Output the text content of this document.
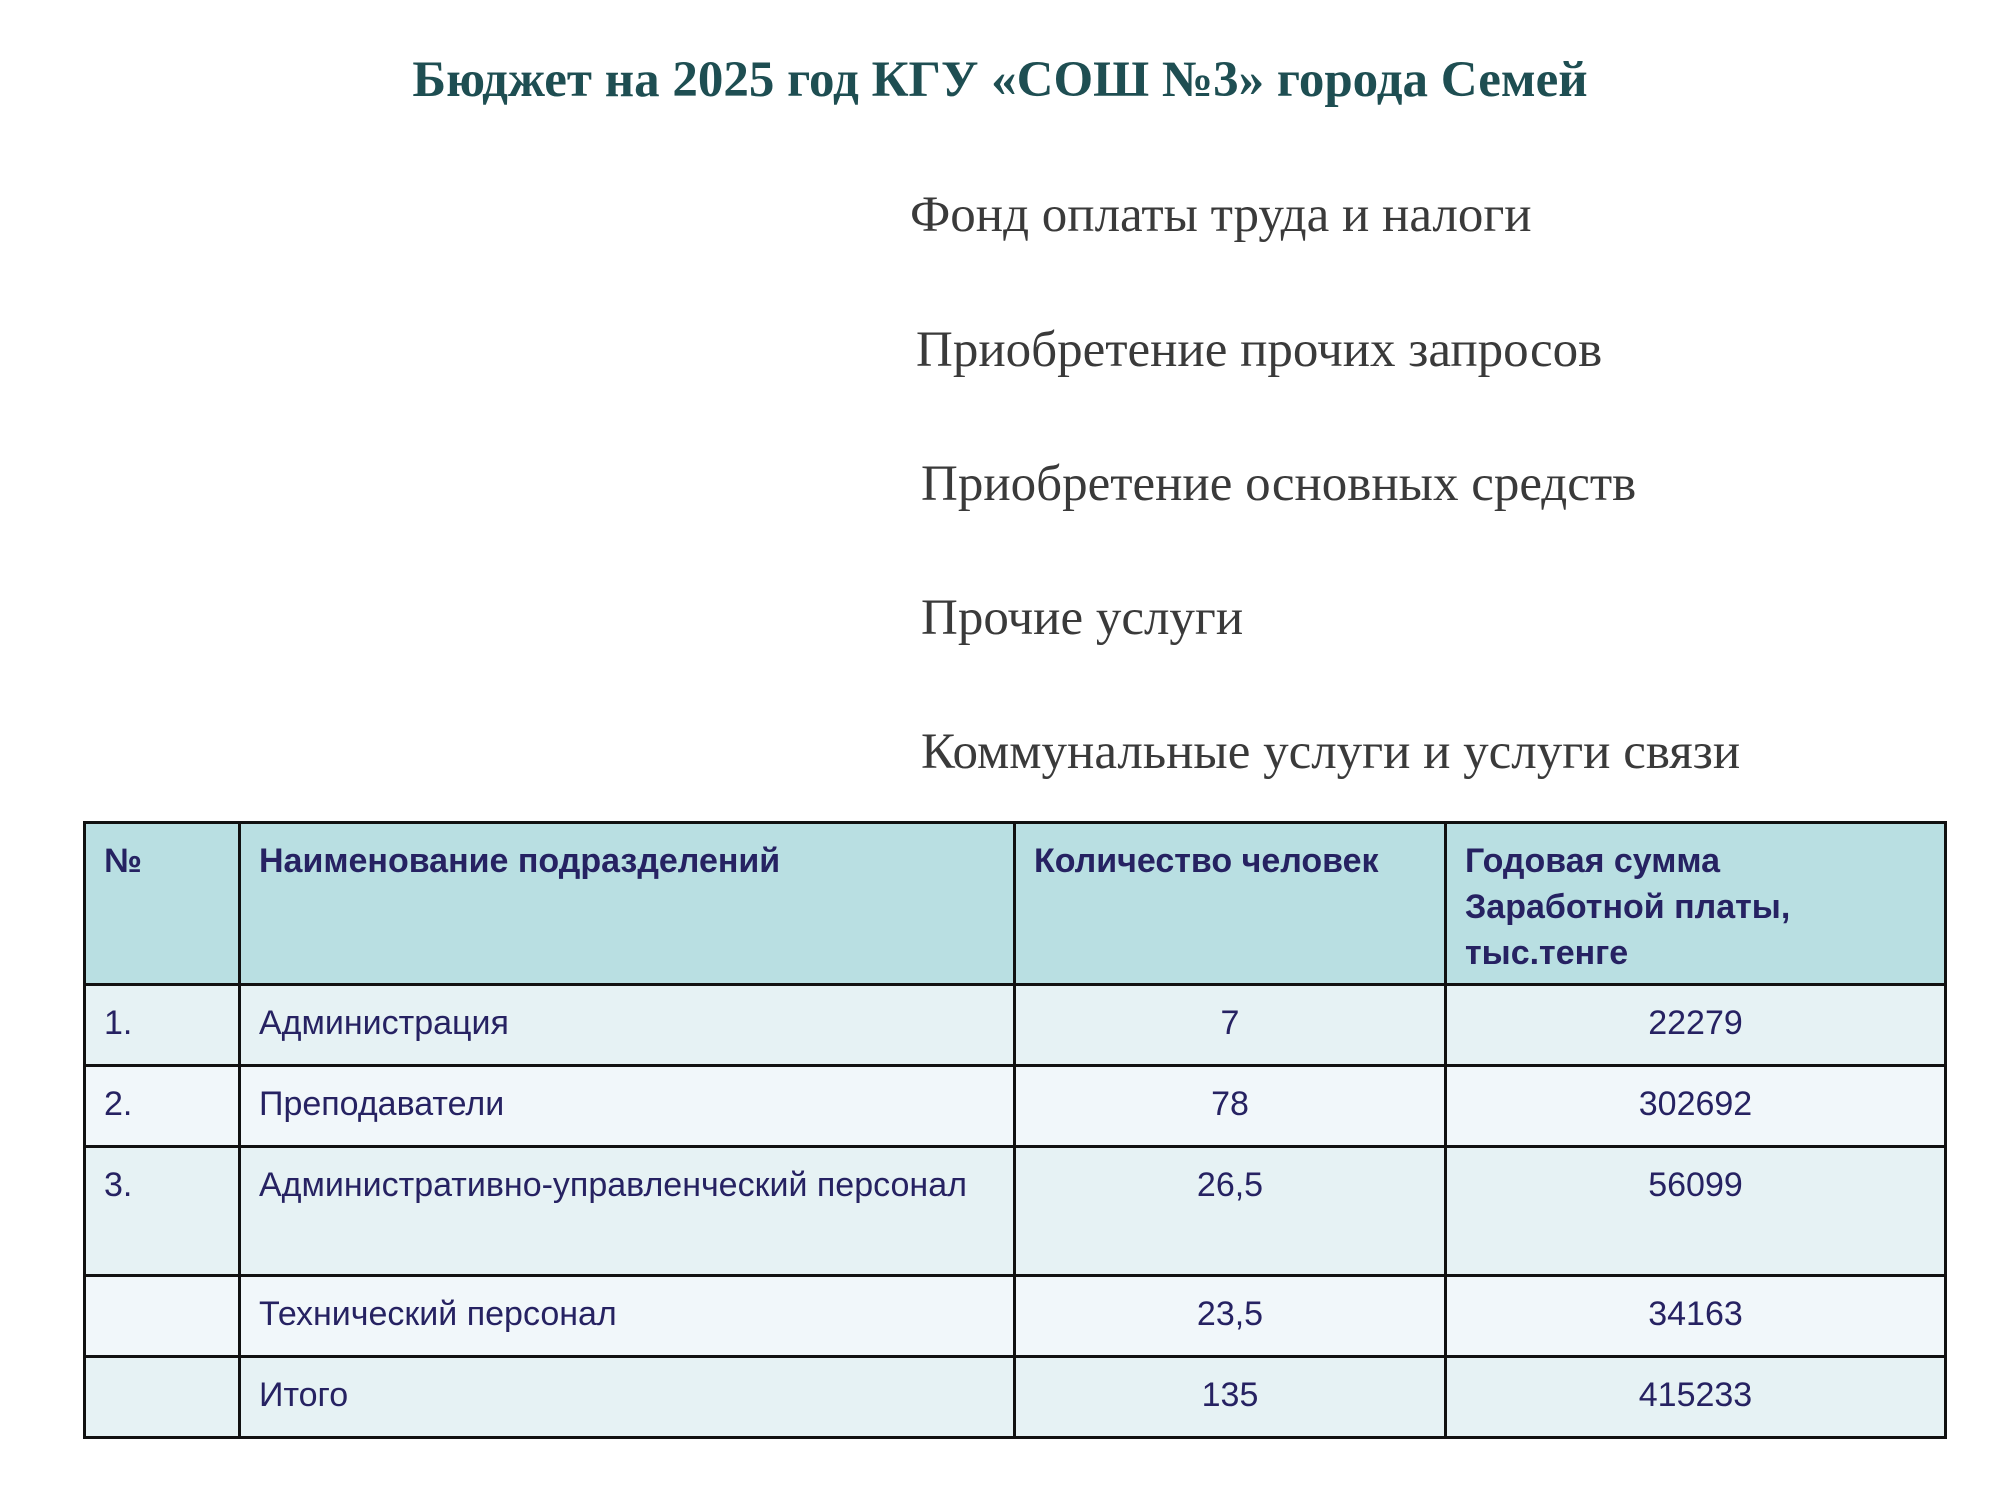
Бюджет на 2025 год КГУ «СОШ №3» города Семей
Фонд оплаты труда и налоги
Приобретение прочих запросов
Приобретение основных средств
Прочие услуги
Коммунальные услуги и услуги связи
№	Наименование подразделений	Количество человек	Годовая сумма Заработной платы, тыс.тенге
1.	Администрация	7	22279
2.	Преподаватели	78	302692
3.	Административно-управленческий персонал	26,5	56099
	Технический персонал	23,5	34163
	Итого	135	415233
